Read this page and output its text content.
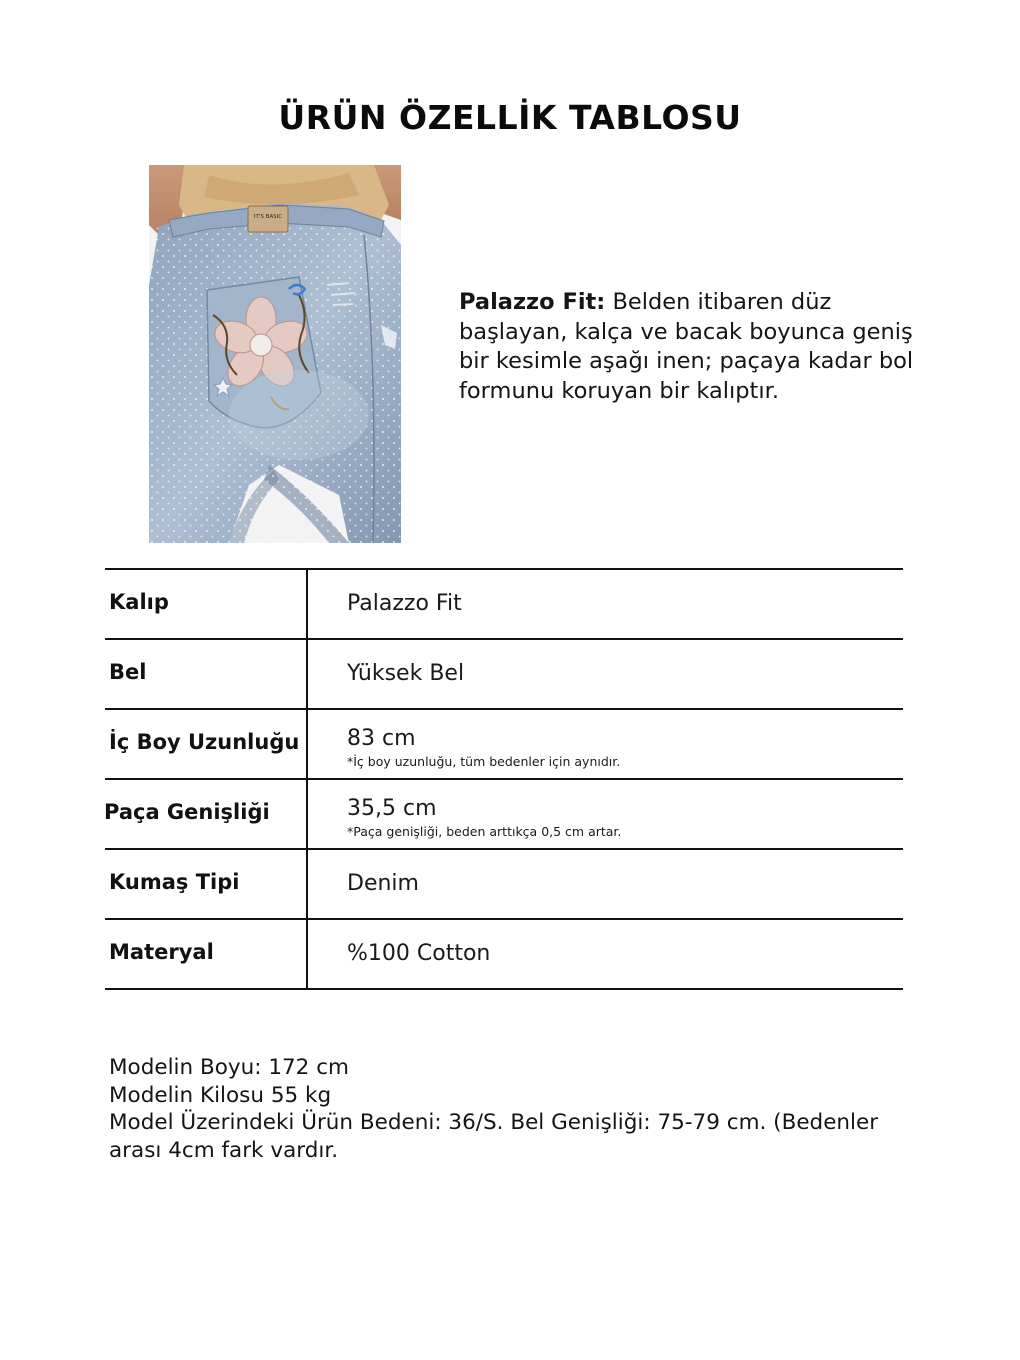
ÜRÜN ÖZELLİK TABLOSU
IT'S BASIC
Palazzo Fit: Belden itibaren düz başlayan, kalça ve bacak boyunca geniş bir kesimle aşağı inen; paçaya kadar bol formunu koruyan bir kalıptır.
Kalıp	Palazzo Fit
Bel	Yüksek Bel
İç Boy Uzunluğu 83 cm
*İç boy uzunluğu, tüm bedenler için aynıdır.
Paça Genişliği	35,5 cm
*Paça genişliği, beden arttıkça 0,5 cm artar.
Kumaş Tipi	Denim
Materyal	%100 Cotton
Modelin Boyu: 172 cm
Modelin Kilosu 55 kg
Model Üzerindeki Ürün Bedeni: 36/S. Bel Genişliği: 75-79 cm. (Bedenler
arası 4cm fark vardır.
